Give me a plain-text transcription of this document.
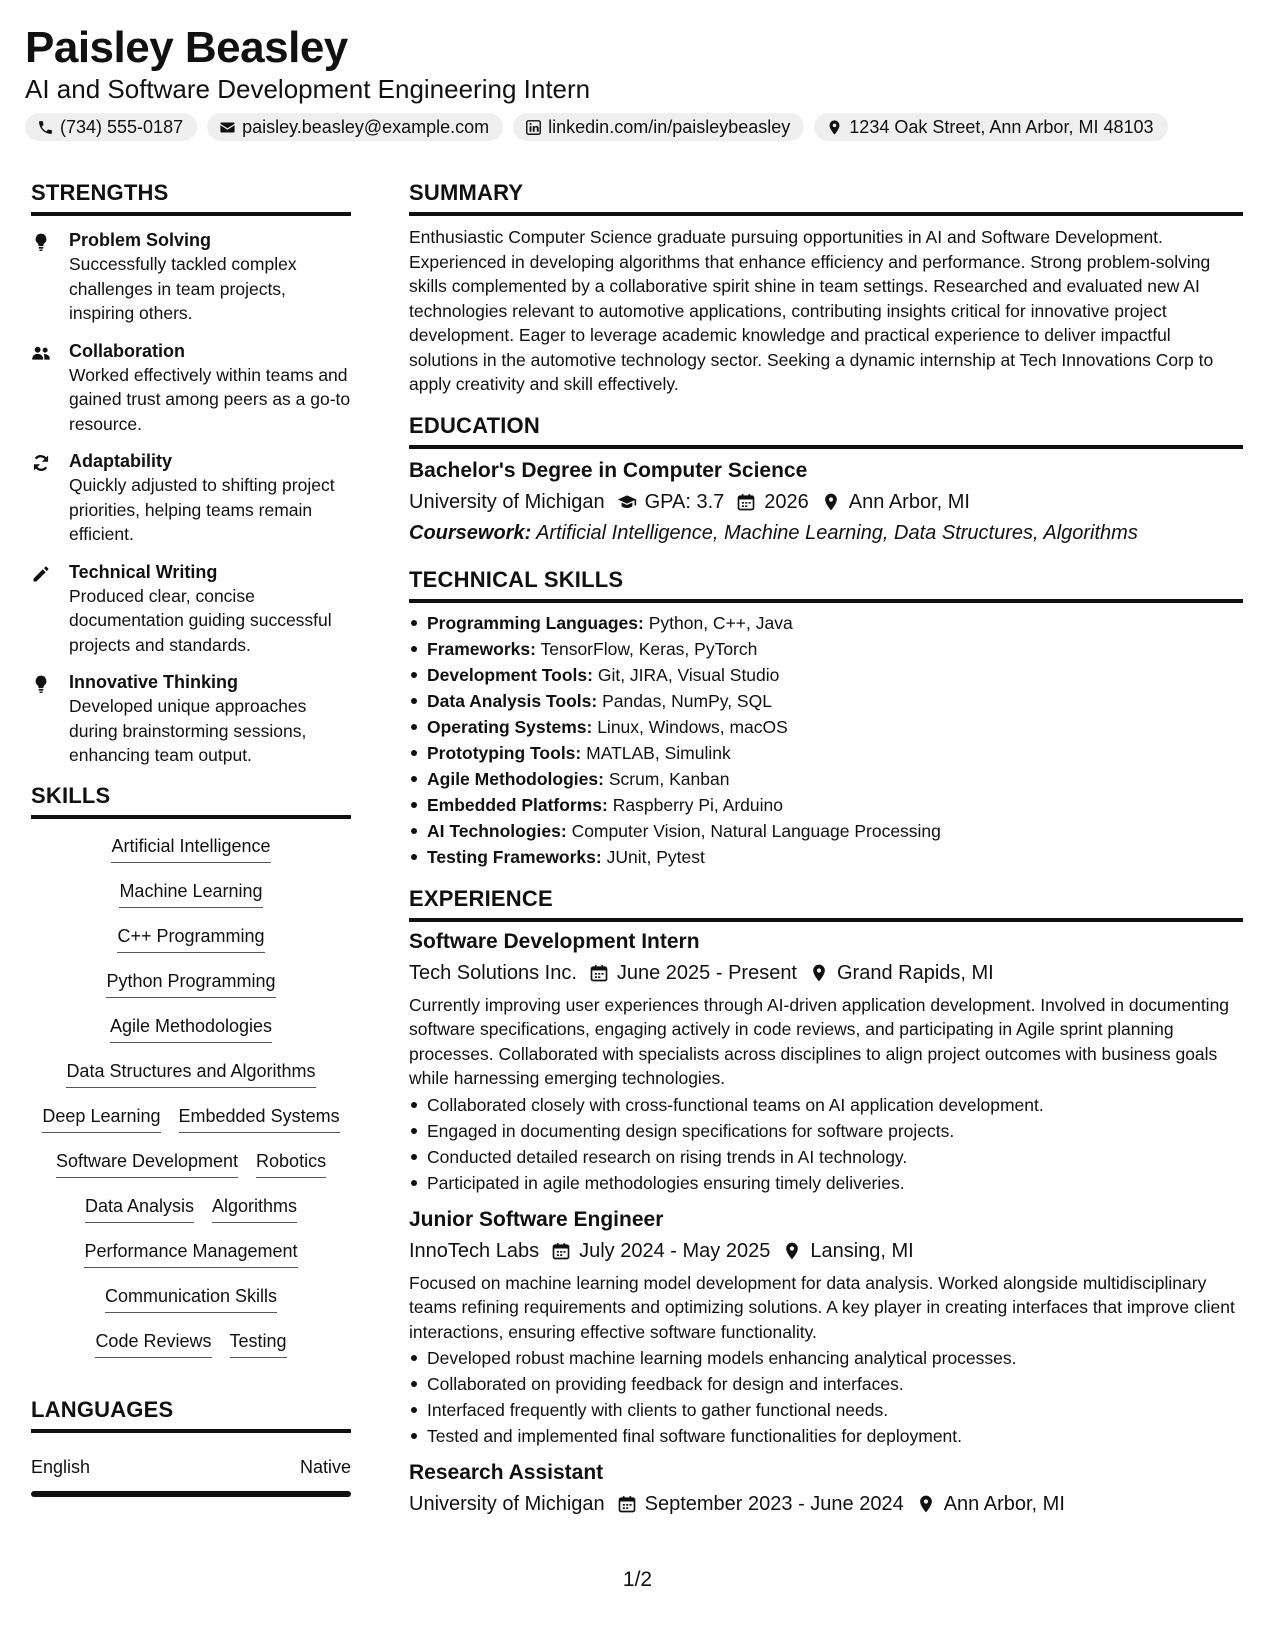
Paisley Beasley
AI and Software Development Engineering Intern
(734) 555-0187	paisley.beasley@example.com	linkedin.com/in/paisleybeasley	1234 Oak Street, Ann Arbor, MI 48103
STRENGTHS
Problem Solving
Successfully tackled complex challenges in team projects, inspiring others.
Collaboration
Worked effectively within teams and gained trust among peers as a go-to resource.
Adaptability
Quickly adjusted to shifting project priorities, helping teams remain efficient.
Technical Writing
Produced clear, concise documentation guiding successful projects and standards.
Innovative Thinking
Developed unique approaches during brainstorming sessions, enhancing team output.
SKILLS
Artificial Intelligence
Machine Learning
C++ Programming
Python Programming
Agile Methodologies
Data Structures and Algorithms
Deep Learning Embedded Systems
Software Development Robotics
Data Analysis Algorithms
Performance Management
Communication Skills
Code Reviews Testing
LANGUAGES
English	Native
SUMMARY
Enthusiastic Computer Science graduate pursuing opportunities in AI and Software Development. Experienced in developing algorithms that enhance efficiency and performance. Strong problem-solving skills complemented by a collaborative spirit shine in team settings. Researched and evaluated new AI technologies relevant to automotive applications, contributing insights critical for innovative project development. Eager to leverage academic knowledge and practical experience to deliver impactful solutions in the automotive technology sector. Seeking a dynamic internship at Tech Innovations Corp to apply creativity and skill effectively.
EDUCATION
Bachelor's Degree in Computer Science
University of Michigan GPA: 3.7 2026 Ann Arbor, MI
Coursework: Artificial Intelligence, Machine Learning, Data Structures, Algorithms
TECHNICAL SKILLS
Programming Languages: Python, C++, Java
Frameworks: TensorFlow, Keras, PyTorch
Development Tools: Git, JIRA, Visual Studio
Data Analysis Tools: Pandas, NumPy, SQL
Operating Systems: Linux, Windows, macOS
Prototyping Tools: MATLAB, Simulink
Agile Methodologies: Scrum, Kanban
Embedded Platforms: Raspberry Pi, Arduino
AI Technologies: Computer Vision, Natural Language Processing
Testing Frameworks: JUnit, Pytest
EXPERIENCE
Software Development Intern
Tech Solutions Inc. June 2025 - Present Grand Rapids, MI
Currently improving user experiences through AI-driven application development. Involved in documenting software specifications, engaging actively in code reviews, and participating in Agile sprint planning processes. Collaborated with specialists across disciplines to align project outcomes with business goals while harnessing emerging technologies.
Collaborated closely with cross-functional teams on AI application development.
Engaged in documenting design specifications for software projects.
Conducted detailed research on rising trends in AI technology.
Participated in agile methodologies ensuring timely deliveries.
Junior Software Engineer
InnoTech Labs July 2024 - May 2025 Lansing, MI
Focused on machine learning model development for data analysis. Worked alongside multidisciplinary teams refining requirements and optimizing solutions. A key player in creating interfaces that improve client interactions, ensuring effective software functionality.
Developed robust machine learning models enhancing analytical processes.
Collaborated on providing feedback for design and interfaces.
Interfaced frequently with clients to gather functional needs.
Tested and implemented final software functionalities for deployment.
Research Assistant
University of Michigan September 2023 - June 2024 Ann Arbor, MI
1/2
